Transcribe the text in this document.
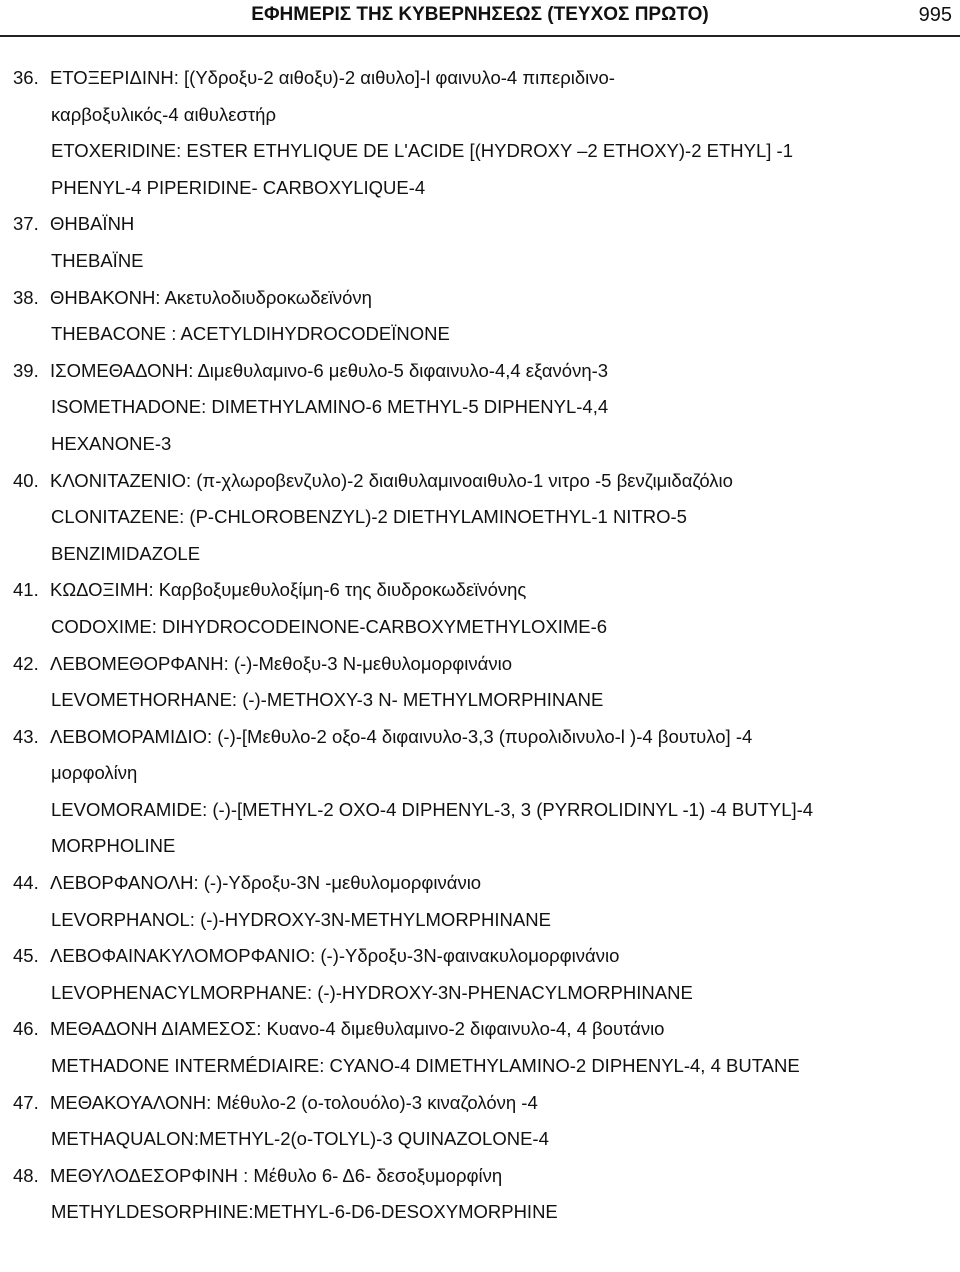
ΕΦΗΜΕΡΙΣ ΤΗΣ ΚΥΒΕΡΝΗΣΕΩΣ (ΤΕΥΧΟΣ ΠΡΩΤΟ)	995
36. ΕΤΟΞΕΡΙΔΙΝΗ: [(Υδροξυ-2 αιθοξυ)-2 αιθυλο]-l φαινυλο-4 πιπεριδινο-
καρβοξυλικός-4 αιθυλεστήρ
ETOXERIDINE: ESTER ETHYLIQUE DE L'ACIDE [(HYDROXY –2 ETHOXY)-2 ETHYL] -1
PHENYL-4 PIPERIDINE- CARBOXYLIQUE-4
37. ΘΗΒΑΪΝΗ
THEBAÏNE
38. ΘΗΒΑΚΟΝΗ: Ακετυλοδιυδροκωδεϊνόνη
THEBACONE : ACETYLDIHYDROCODEÏNONE
39. ΙΣΟΜΕΘΑΔΟΝΗ: Διμεθυλαμινο-6 μεθυλο-5 διφαινυλο-4,4 εξανόνη-3
ISOMETHADONE: DIMETHYLAMINO-6 METHYL-5 DIPHENYL-4,4
HEXANONE-3
40. ΚΛΟΝΙΤΑΖΕΝΙΟ: (π-χλωροβενζυλο)-2 διαιθυλαμινοαιθυλο-1 νιτρο -5 βενζιμιδαζόλιο
CLONITAZENE: (P-CHLOROBENZYL)-2 DIETHYLAMINOETHYL-1 NITRO-5
BENZIMIDAZOLE
41. ΚΩΔΟΞΙΜΗ: Καρβοξυμεθυλοξίμη-6 της διυδροκωδεϊνόνης
CODOXIME: DIHYDROCODEINONE-CARBOXYMETHYLOXIME-6
42. ΛΕΒΟΜΕΘΟΡΦΑΝΗ: (-)-Μεθοξυ-3 Ν-μεθυλομορφινάνιο
LEVOMETHORHANE: (-)-METHOXY-3 N- METHYLMORPHINANE
43. ΛΕΒΟΜΟΡΑΜΙΔΙΟ: (-)-[Μεθυλο-2 οξο-4 διφαινυλο-3,3 (πυρολιδινυλο-l )-4 βουτυλο] -4
μορφολίνη
LEVOMORAMIDE: (-)-[METHYL-2 OXO-4 DIPHENYL-3, 3 (PYRROLIDINYL -1) -4 BUTYL]-4
MORPHOLINE
44. ΛΕΒΟΡΦΑΝΟΛΗ: (-)-Υδροξυ-3Ν -μεθυλομορφινάνιο
LEVORPHANOL: (-)-HYDROXY-3N-METHYLMORPHINANE
45. ΛΕΒΟΦΑΙΝΑΚΥΛΟΜΟΡΦΑΝΙΟ: (-)-Υδροξυ-3Ν-φαινακυλομορφινάνιο
LEVOPHENACYLMORPHANE: (-)-HYDROXY-3N-PHENACYLMORPHINANE
46. ΜΕΘΑΔΟΝΗ ΔΙΑΜΕΣΟΣ: Κυανο-4 διμεθυλαμινο-2 διφαινυλο-4, 4 βουτάνιο
METHADONE INTERMÉDIAIRE: CYANO-4 DIMETHYLAMINO-2 DIPHENYL-4, 4 BUTANE
47. ΜΕΘΑΚΟΥΑΛΟΝΗ: Μέθυλο-2 (ο-τολουόλο)-3 κιναζολόνη -4
METHAQUALON:METHYL-2(o-TOLYL)-3 QUINAZOLONE-4
48. ΜΕΘΥΛΟΔΕΣΟΡΦΙΝΗ : Μέθυλο 6- Δ6- δεσοξυμορφίνη
METHYLDESORPHINE:METHYL-6-D6-DESOXYMORPHINE
